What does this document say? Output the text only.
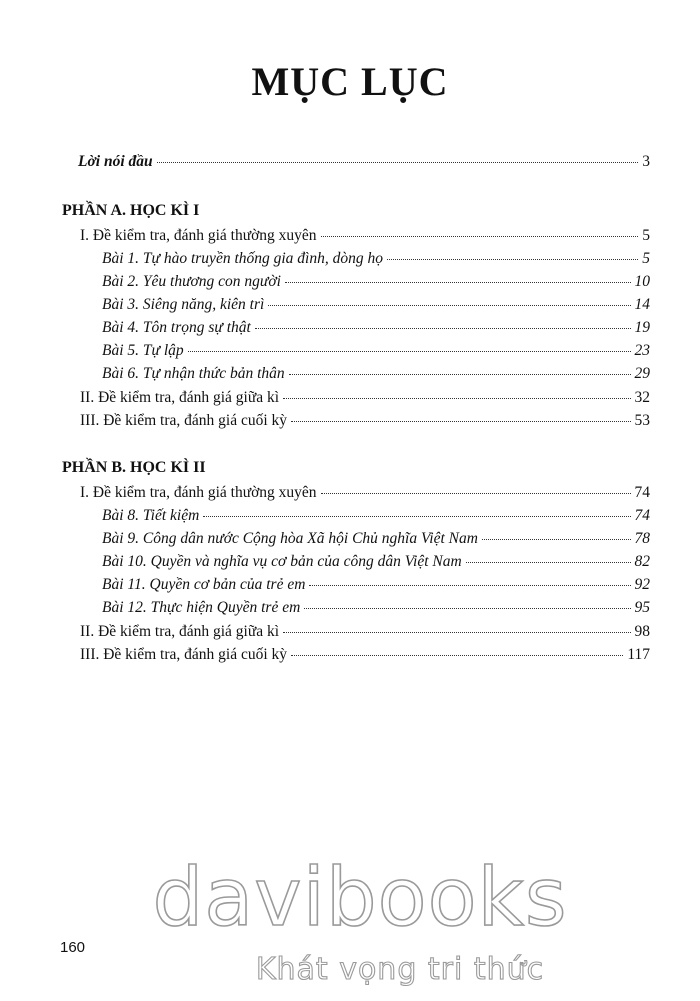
MỤC LỤC
Lời nói đầu	3
PHẦN A. HỌC KÌ I
I. Đề kiểm tra, đánh giá thường xuyên	5
Bài 1. Tự hào truyền thống gia đình, dòng họ	5
Bài 2. Yêu thương con người	10
Bài 3. Siêng năng, kiên trì	14
Bài 4. Tôn trọng sự thật	19
Bài 5. Tự lập	23
Bài 6. Tự nhận thức bản thân	29
II. Đề kiểm tra, đánh giá giữa kì	32
III. Đề kiểm tra, đánh giá cuối kỳ	53
PHẦN B. HỌC KÌ II
I. Đề kiểm tra, đánh giá thường xuyên	74
Bài 8. Tiết kiệm	74
Bài 9. Công dân nước Cộng hòa Xã hội Chủ nghĩa Việt Nam	78
Bài 10. Quyền và nghĩa vụ cơ bản của công dân Việt Nam	82
Bài 11. Quyền cơ bản của trẻ em	92
Bài 12. Thực hiện Quyền trẻ em	95
II. Đề kiểm tra, đánh giá giữa kì	98
III. Đề kiểm tra, đánh giá cuối kỳ	117
160
davibooks
Khát vọng tri thức
